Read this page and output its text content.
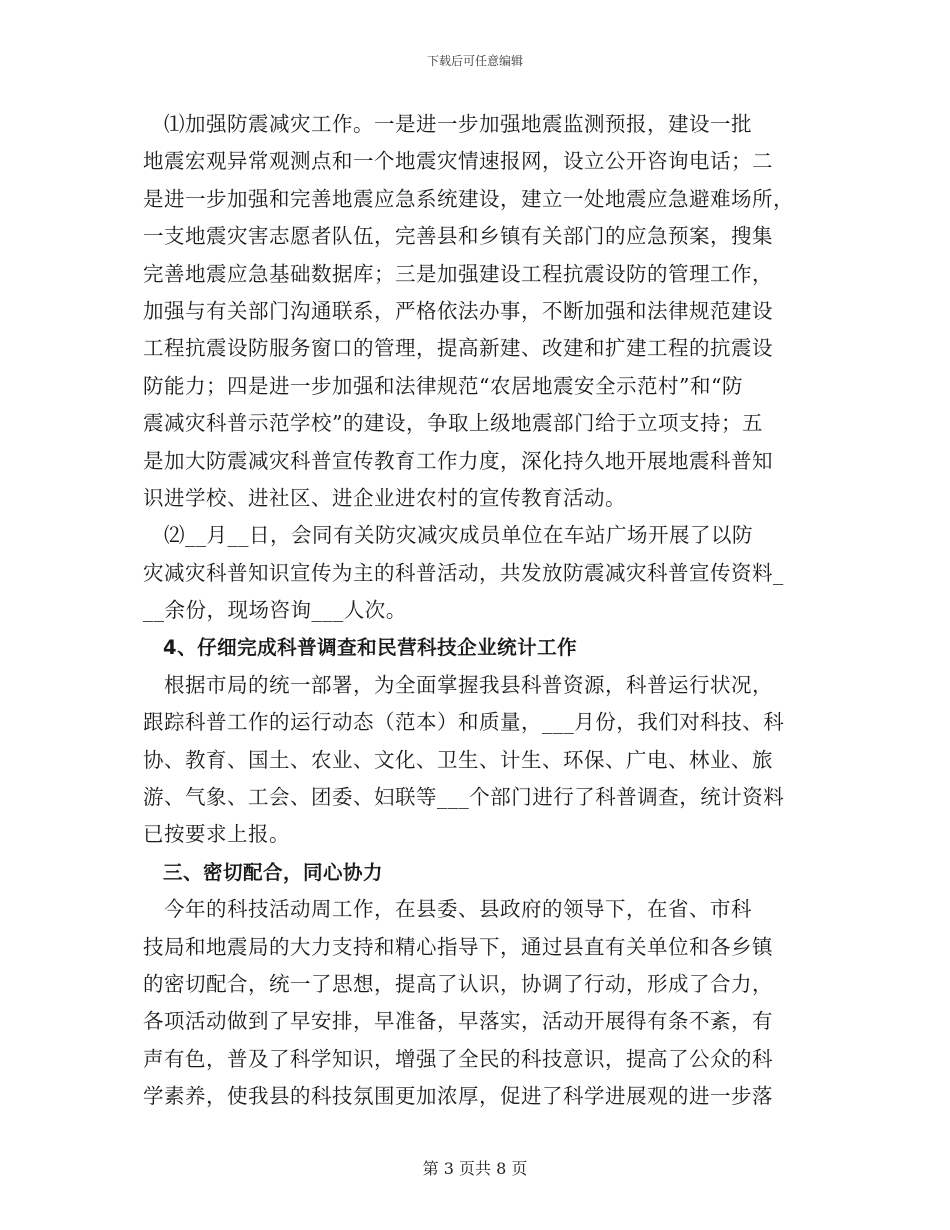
下载后可任意编辑
　⑴加强防震减灾工作。一是进一步加强地震监测预报，建设一批
地震宏观异常观测点和一个地震灾情速报网，设立公开咨询电话；二
是进一步加强和完善地震应急系统建设，建立一处地震应急避难场所，
一支地震灾害志愿者队伍，完善县和乡镇有关部门的应急预案，搜集
完善地震应急基础数据库；三是加强建设工程抗震设防的管理工作，
加强与有关部门沟通联系，严格依法办事，不断加强和法律规范建设
工程抗震设防服务窗口的管理，提高新建、改建和扩建工程的抗震设
防能力；四是进一步加强和法律规范“农居地震安全示范村”和“防
震减灾科普示范学校”的建设，争取上级地震部门给于立项支持；五
是加大防震减灾科普宣传教育工作力度，深化持久地开展地震科普知
识进学校、进社区、进企业进农村的宣传教育活动。
　⑵__月__日，会同有关防灾减灾成员单位在车站广场开展了以防
灾减灾科普知识宣传为主的科普活动，共发放防震减灾科普宣传资料_
__余份，现场咨询___人次。
　4、仔细完成科普调查和民营科技企业统计工作
　根据市局的统一部署，为全面掌握我县科普资源，科普运行状况，
跟踪科普工作的运行动态（范本）和质量，___月份，我们对科技、科
协、教育、国土、农业、文化、卫生、计生、环保、广电、林业、旅
游、气象、工会、团委、妇联等___个部门进行了科普调查，统计资料
已按要求上报。
　三、密切配合，同心协力
　今年的科技活动周工作，在县委、县政府的领导下，在省、市科
技局和地震局的大力支持和精心指导下，通过县直有关单位和各乡镇
的密切配合，统一了思想，提高了认识，协调了行动，形成了合力，
各项活动做到了早安排，早准备，早落实，活动开展得有条不紊，有
声有色，普及了科学知识，增强了全民的科技意识，提高了公众的科
学素养，使我县的科技氛围更加浓厚，促进了科学进展观的进一步落
第 3 页共 8 页
